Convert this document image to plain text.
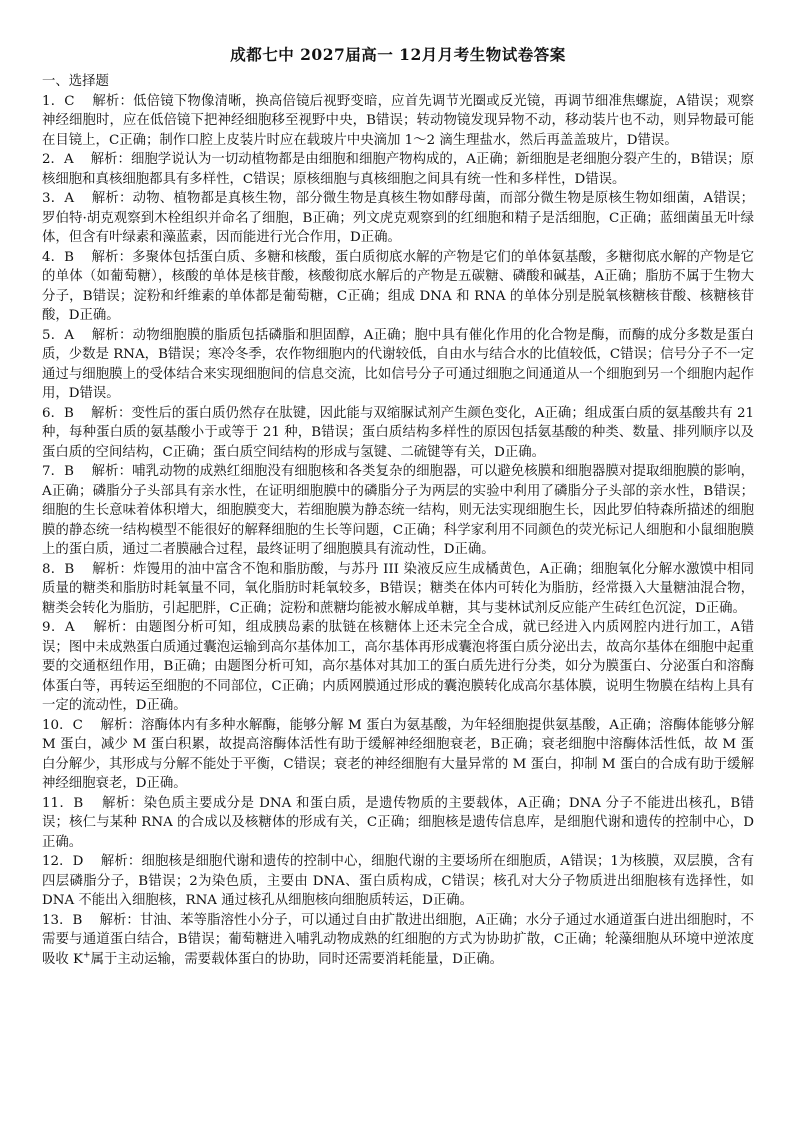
成都七中 2027届高一 12月月考生物试卷答案
一、选择题

1．C 解析：低倍镜下物像清晰，换高倍镜后视野变暗，应首先调节光圈或反光镜，再调节细准焦螺旋，A错误；观察神经细胞时，应在低倍镜下把神经细胞移至视野中央，B错误；转动物镜发现异物不动，移动装片也不动，则异物最可能在目镜上，C正确；制作口腔上皮装片时应在载玻片中央滴加 1～2 滴生理盐水，然后再盖盖玻片，D错误。

2．A 解析：细胞学说认为一切动植物都是由细胞和细胞产物构成的，A正确；新细胞是老细胞分裂产生的，B错误；原核细胞和真核细胞都具有多样性，C错误；原核细胞与真核细胞之间具有统一性和多样性，D错误。

3．A 解析：动物、植物都是真核生物，部分微生物是真核生物如酵母菌，而部分微生物是原核生物如细菌，A错误；罗伯特·胡克观察到木栓组织并命名了细胞，B正确；列文虎克观察到的红细胞和精子是活细胞，C正确；蓝细菌虽无叶绿体，但含有叶绿素和藻蓝素，因而能进行光合作用，D正确。

4．B 解析：多聚体包括蛋白质、多糖和核酸，蛋白质彻底水解的产物是它们的单体氨基酸，多糖彻底水解的产物是它的单体（如葡萄糖），核酸的单体是核苷酸，核酸彻底水解后的产物是五碳糖、磷酸和碱基，A正确；脂肪不属于生物大分子，B错误；淀粉和纤维素的单体都是葡萄糖，C正确；组成 DNA 和 RNA 的单体分别是脱氧核糖核苷酸、核糖核苷酸，D正确。

5．A 解析：动物细胞膜的脂质包括磷脂和胆固醇，A正确；胞中具有催化作用的化合物是酶，而酶的成分多数是蛋白质，少数是 RNA，B错误；寒冷冬季，农作物细胞内的代谢较低，自由水与结合水的比值较低，C错误；信号分子不一定通过与细胞膜上的受体结合来实现细胞间的信息交流，比如信号分子可通过细胞之间通道从一个细胞到另一个细胞内起作用，D错误。

6．B 解析：变性后的蛋白质仍然存在肽键，因此能与双缩脲试剂产生颜色变化，A正确；组成蛋白质的氨基酸共有 21 种，每种蛋白质的氨基酸小于或等于 21 种，B错误；蛋白质结构多样性的原因包括氨基酸的种类、数量、排列顺序以及蛋白质的空间结构，C正确；蛋白质空间结构的形成与氢键、二硫键等有关，D正确。

7．B 解析：哺乳动物的成熟红细胞没有细胞核和各类复杂的细胞器，可以避免核膜和细胞器膜对提取细胞膜的影响，A正确；磷脂分子头部具有亲水性，在证明细胞膜中的磷脂分子为两层的实验中利用了磷脂分子头部的亲水性，B错误；细胞的生长意味着体积增大，细胞膜变大，若细胞膜为静态统一结构，则无法实现细胞生长，因此罗伯特森所描述的细胞膜的静态统一结构模型不能很好的解释细胞的生长等问题，C正确；科学家利用不同颜色的荧光标记人细胞和小鼠细胞膜上的蛋白质，通过二者膜融合过程，最终证明了细胞膜具有流动性，D正确。

8．B 解析：炸馒用的油中富含不饱和脂肪酸，与苏丹 III 染液反应生成橘黄色，A正确；细胞氧化分解水激馍中相同质量的糖类和脂肪时耗氧量不同，氧化脂肪时耗氧较多，B错误；糖类在体内可转化为脂肪，经常摄入大量糖油混合物，糖类会转化为脂肪，引起肥胖，C正确；淀粉和蔗糖均能被水解成单糖，其与斐林试剂反应能产生砖红色沉淀，D正确。

9．A 解析：由题图分析可知，组成胰岛素的肽链在核糖体上还未完全合成，就已经进入内质网腔内进行加工，A错误；图中未成熟蛋白质通过囊泡运输到高尔基体加工，高尔基体再形成囊泡将蛋白质分泌出去，故高尔基体在细胞中起重要的交通枢纽作用，B正确；由题图分析可知，高尔基体对其加工的蛋白质先进行分类，如分为膜蛋白、分泌蛋白和溶酶体蛋白等，再转运至细胞的不同部位，C正确；内质网膜通过形成的囊泡膜转化成高尔基体膜，说明生物膜在结构上具有一定的流动性，D正确。

10．C 解析：溶酶体内有多种水解酶，能够分解 M 蛋白为氨基酸，为年轻细胞提供氨基酸，A正确；溶酶体能够分解 M 蛋白，减少 M 蛋白积累，故提高溶酶体活性有助于缓解神经细胞衰老，B正确；衰老细胞中溶酶体活性低，故 M 蛋白分解少，其形成与分解不能处于平衡，C错误；衰老的神经细胞有大量异常的 M 蛋白，抑制 M 蛋白的合成有助于缓解神经细胞衰老，D正确。

11．B 解析：染色质主要成分是 DNA 和蛋白质，是遗传物质的主要载体，A正确；DNA 分子不能进出核孔，B错误；核仁与某种 RNA 的合成以及核糖体的形成有关，C正确；细胞核是遗传信息库，是细胞代谢和遗传的控制中心，D正确。

12．D 解析：细胞核是细胞代谢和遗传的控制中心，细胞代谢的主要场所在细胞质，A错误；1为核膜，双层膜，含有四层磷脂分子，B错误；2为染色质，主要由 DNA、蛋白质构成，C错误；核孔对大分子物质进出细胞核有选择性，如 DNA 不能出入细胞核，RNA 通过核孔从细胞核向细胞质转运，D正确。

13．B 解析：甘油、苯等脂溶性小分子，可以通过自由扩散进出细胞，A正确；水分子通过水通道蛋白进出细胞时，不需要与通道蛋白结合，B错误；葡萄糖进入哺乳动物成熟的红细胞的方式为协助扩散，C正确；轮藻细胞从环境中逆浓度吸收 K+属于主动运输，需要载体蛋白的协助，同时还需要消耗能量，D正确。
